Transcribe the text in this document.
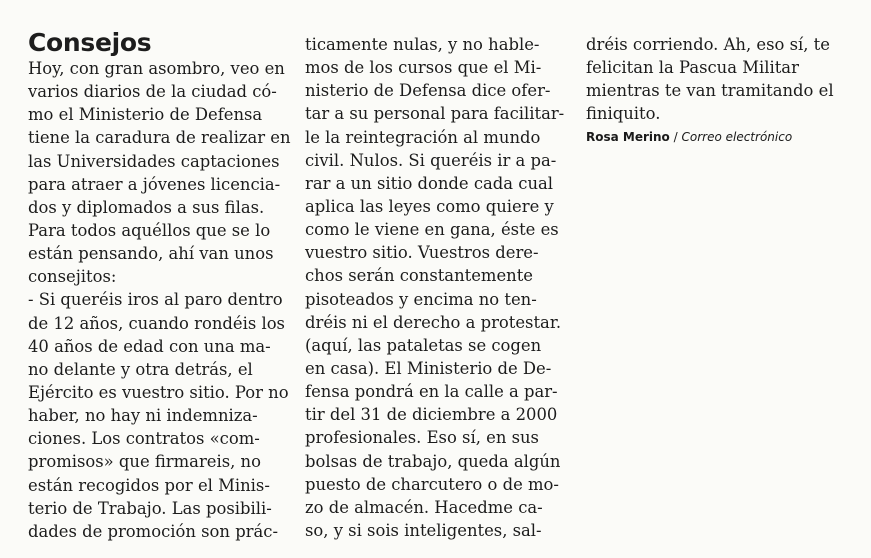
Consejos
Hoy, con gran asombro, veo en
varios diarios de la ciudad có-
mo el Ministerio de Defensa
tiene la caradura de realizar en
las Universidades captaciones
para atraer a jóvenes licencia-
dos y diplomados a sus filas.
Para todos aquéllos que se lo
están pensando, ahí van unos
consejitos:
- Si queréis iros al paro dentro
de 12 años, cuando rondéis los
40 años de edad con una ma-
no delante y otra detrás, el
Ejército es vuestro sitio. Por no
haber, no hay ni indemniza-
ciones. Los contratos «com-
promisos» que firmareis, no
están recogidos por el Minis-
terio de Trabajo. Las posibili-
dades de promoción son prác-
ticamente nulas, y no hable-
mos de los cursos que el Mi-
nisterio de Defensa dice ofer-
tar a su personal para facilitar-
le la reintegración al mundo
civil. Nulos. Si queréis ir a pa-
rar a un sitio donde cada cual
aplica las leyes como quiere y
como le viene en gana, éste es
vuestro sitio. Vuestros dere-
chos serán constantemente
pisoteados y encima no ten-
dréis ni el derecho a protestar.
(aquí, las pataletas se cogen
en casa). El Ministerio de De-
fensa pondrá en la calle a par-
tir del 31 de diciembre a 2000
profesionales. Eso sí, en sus
bolsas de trabajo, queda algún
puesto de charcutero o de mo-
zo de almacén. Hacedme ca-
so, y si sois inteligentes, sal-
dréis corriendo. Ah, eso sí, te
felicitan la Pascua Militar
mientras te van tramitando el
finiquito.
Rosa Merino / Correo electrónico
